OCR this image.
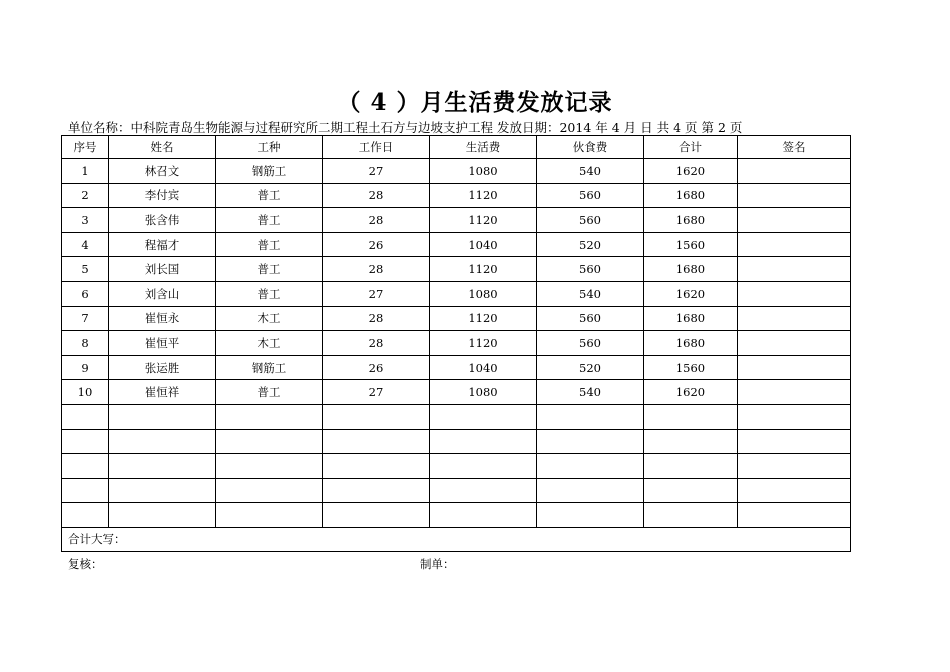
（ 4 ）月生活费发放记录
单位名称：中科院青岛生物能源与过程研究所二期工程土石方与边坡支护工程 发放日期：2014 年 4 月 日 共 4 页 第 2 页
序号	姓名	工种	工作日	生活费	伙食费	合计	签名
1	林召文	钢筋工	27	1080	540	1620	
2	李付宾	普工	28	1120	560	1680	
3	张含伟	普工	28	1120	560	1680	
4	程福才	普工	26	1040	520	1560	
5	刘长国	普工	28	1120	560	1680	
6	刘含山	普工	27	1080	540	1620	
7	崔恒永	木工	28	1120	560	1680	
8	崔恒平	木工	28	1120	560	1680	
9	张运胜	钢筋工	26	1040	520	1560	
10	崔恒祥	普工	27	1080	540	1620	

合计大写：							
复核：	制单：
